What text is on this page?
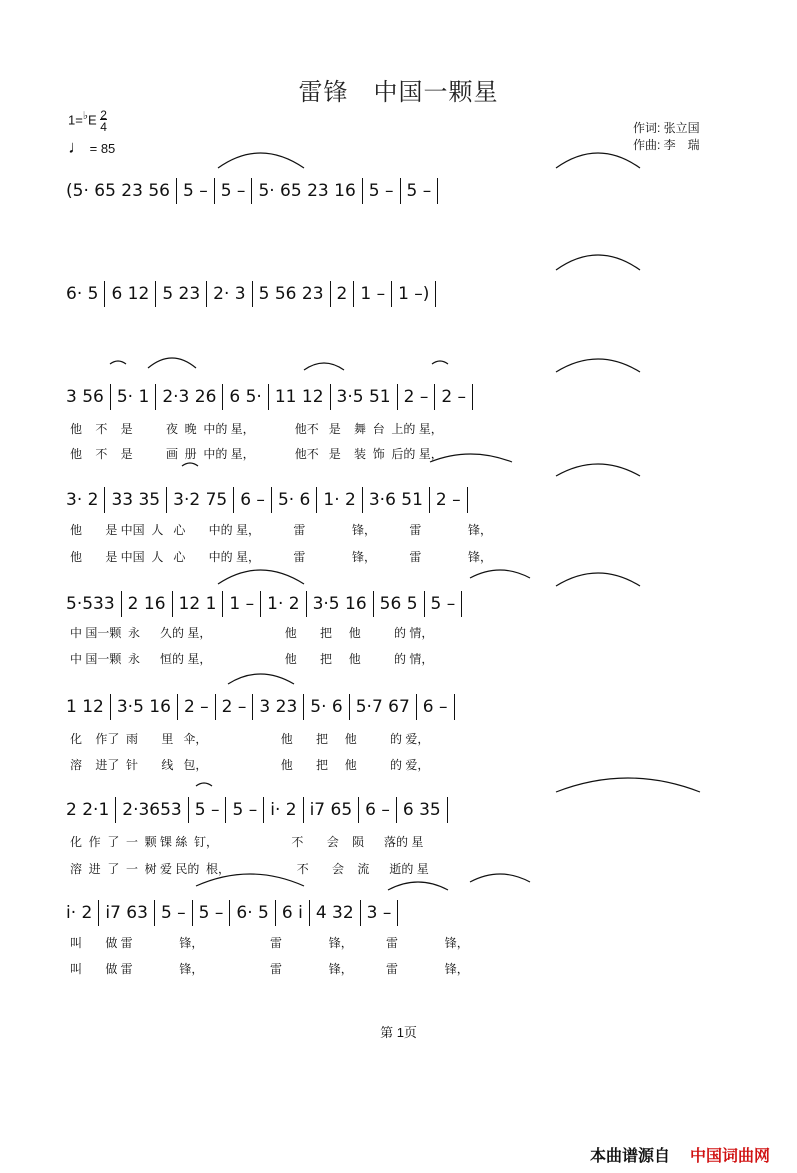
雷锋　中国一颗星
$1=^♭E \frac{2}{4}$
♩ = 85
作词: 张立国
作曲: 李　瑞
(5· 65 23 56 5 – 5 – 5· 65 23 16 5 – 5 –
6· 5 6 12 5 23 2· 3 5 56 23 2 1 – 1 –)
3 56 5· 1 2·3 26 6 5· 11 12 3·5 51 2 – 2 –
3· 2 33 35 3·2 75 6 – 5· 6 1· 2 3·6 51 2 –
5·533 2 16 12 1 1 – 1· 2 3·5 16 56 5 5 –
1 12 3·5 16 2 – 2 – 3 23 5· 6 5·7 67 6 –
2 2·1 2·3653 5 – 5 – i· 2 i7 65 6 – 6 35
i· 2 i7 63 5 – 5 – 6· 5 6 i 4 32 3 –
他    不    是          夜  晚  中的 星，            他不   是    舞  台  上的 星，
他    不    是          画  册  中的 星，            他不   是    装  饰  后的 星，
他       是 中国  人   心       中的 星，          雷              锋，          雷              锋，
他       是 中国  人   心       中的 星，          雷              锋，          雷              锋，
中 国一颗  永      久的 星，                      他       把     他          的 情，
中 国一颗  永      恒的 星，                      他       把     他          的 情，
化    作了  雨       里   伞，                      他       把     他          的 爱，
溶    进了  针       线   包，                      他       把     他          的 爱，
化  作  了  一  颗 锞 絲  钉，                      不       会    陨      落的 星
溶  进  了  一  树 爱 民的  根，                    不       会    流      逝的 星
叫       做 雷              锋，                    雷              锋，          雷              锋，
叫       做 雷              锋，                    雷              锋，          雷              锋，
第 1页
本曲谱源自 中国词曲网
